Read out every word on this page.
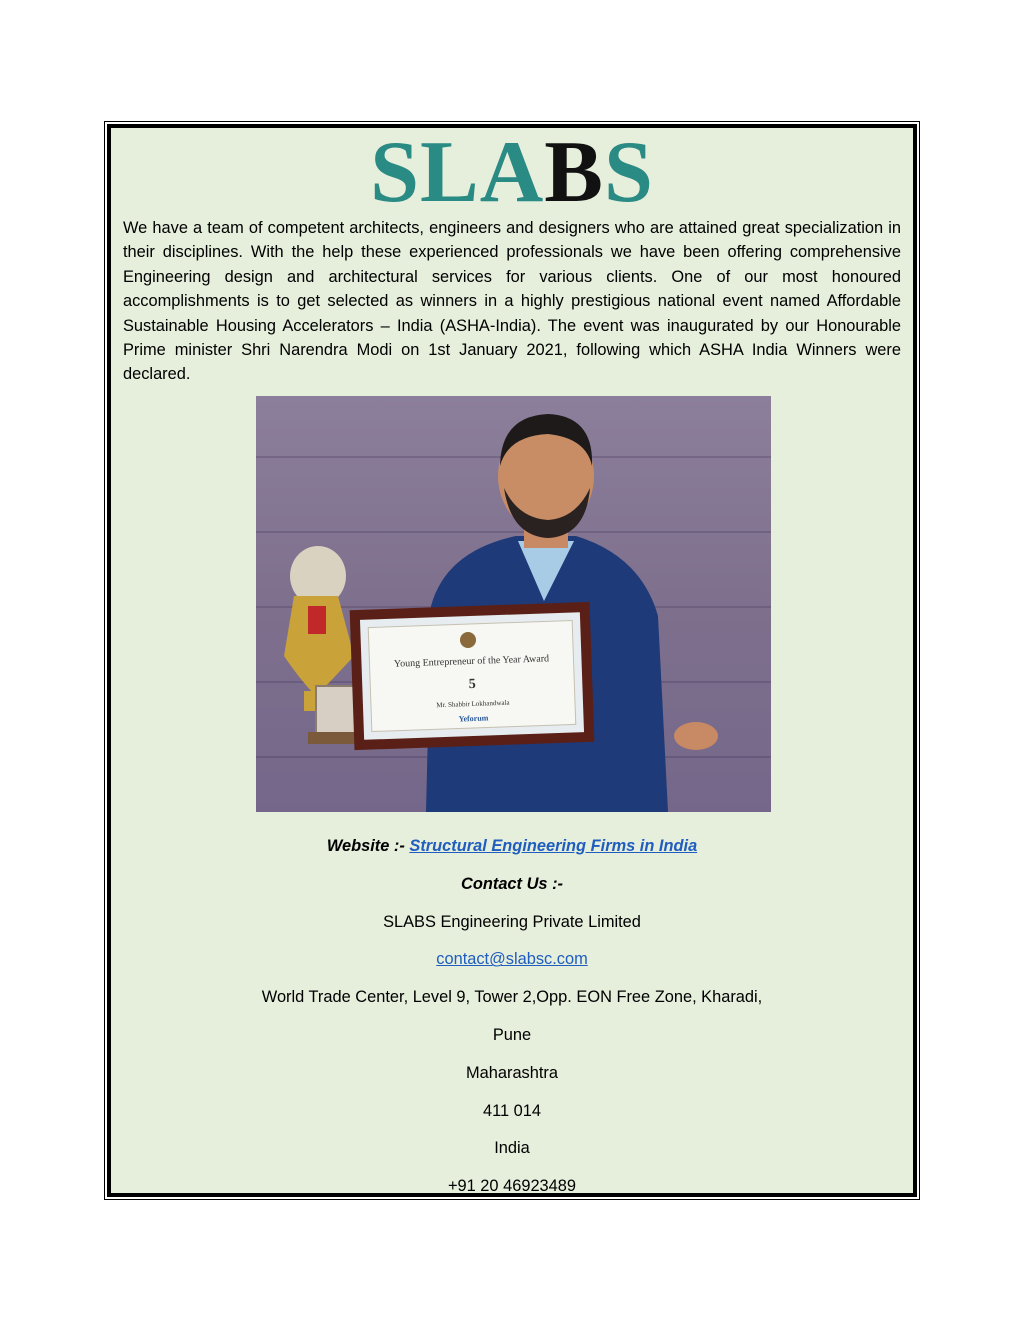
SLABS
We have a team of competent architects, engineers and designers who are attained great specialization in their disciplines. With the help these experienced professionals we have been offering comprehensive Engineering design and architectural services for various clients. One of our most honoured accomplishments is to get selected as winners in a highly prestigious national event named Affordable Sustainable Housing Accelerators – India (ASHA-India). The event was inaugurated by our Honourable Prime minister Shri Narendra Modi on 1st January 2021, following which ASHA India Winners were declared.
Young Entrepreneur of the Year Award
5
Mr. Shabbir Lokhandwala
Yeforum
Website :- Structural Engineering Firms in India
Contact Us :-
SLABS Engineering Private Limited
contact@slabsc.com
World Trade Center, Level 9, Tower 2,Opp. EON Free Zone, Kharadi,
Pune
Maharashtra
411 014
India
+91 20 46923489
